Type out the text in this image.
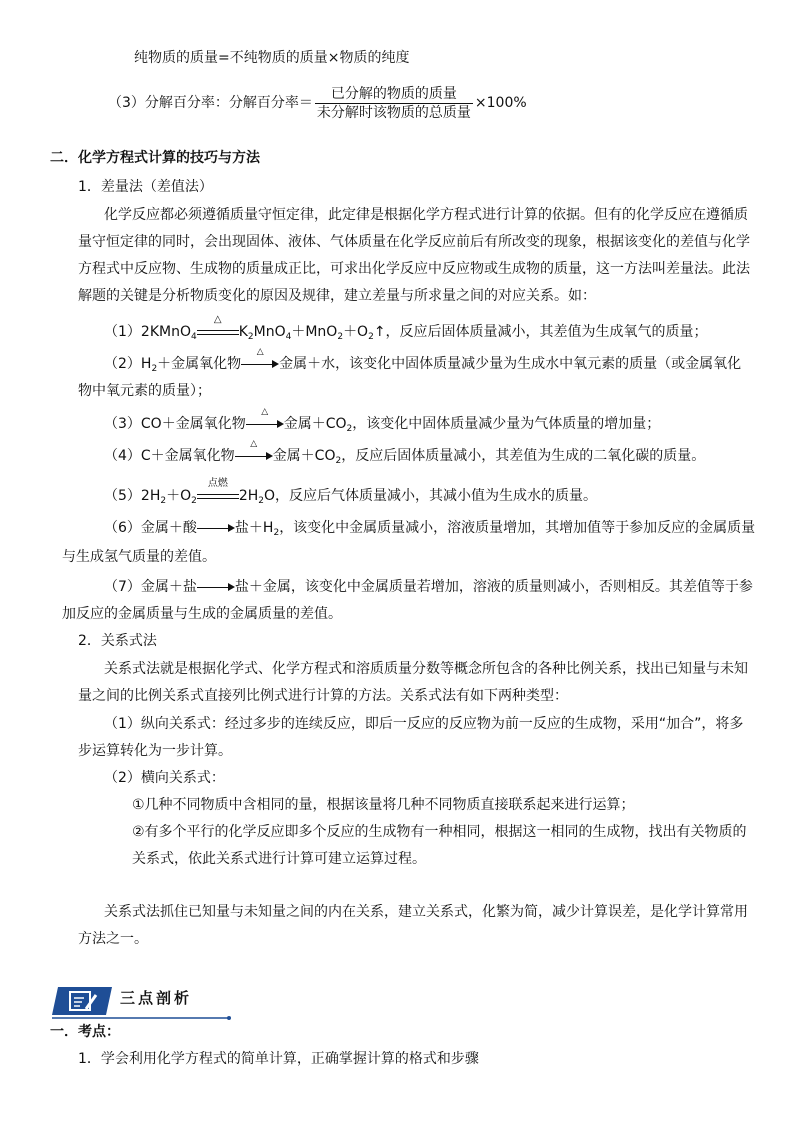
纯物质的质量=不纯物质的质量×物质的纯度
（3）分解百分率：分解百分率＝ $\frac{\text{已分解的物质的质量}}{\text{未分解时该物质的总质量}} \times 100\%$
二．化学方程式计算的技巧与方法
1．差量法（差值法）
化学反应都必须遵循质量守恒定律，此定律是根据化学方程式进行计算的依据。但有的化学反应在遵循质
量守恒定律的同时，会出现固体、液体、气体质量在化学反应前后有所改变的现象，根据该变化的差值与化学
方程式中反应物、生成物的质量成正比，可求出化学反应中反应物或生成物的质量，这一方法叫差量法。此法
解题的关键是分析物质变化的原因及规律，建立差量与所求量之间的对应关系。如：
（1）2KMnO$_4$
△
$K_2MnO_4+MnO_2+O_2↑$，反应后固体质量减小，其差值为生成氧气的质量；
$(2)H_2+$金属氧化物
△
金属＋水，该变化中固体质量减少量为生成水中氧元素的质量（或金属氧化
物中氧元素的质量）；
（3）CO＋金属氧化物
△
金属$+CO_2$，该变化中固体质量减少量为气体质量的增加量；
（4）C＋金属氧化物
△
金属$+CO_2$，反应后固体质量减小，其差值为生成的二氧化碳的质量。
$(5)2H_2+O_2$
点燃
$2H_2O$，反应后气体质量减小，其减小值为生成水的质量。
（6）金属＋酸	盐$+H_2$，该变化中金属质量减小，溶液质量增加，其增加值等于参加反应的金属质量
与生成氢气质量的差值。
（7）金属＋盐	盐＋金属，该变化中金属质量若增加，溶液的质量则减小，否则相反。其差值等于参
加反应的金属质量与生成的金属质量的差值。
2．关系式法
关系式法就是根据化学式、化学方程式和溶质质量分数等概念所包含的各种比例关系，找出已知量与未知
量之间的比例关系式直接列比例式进行计算的方法。关系式法有如下两种类型：
（1）纵向关系式：经过多步的连续反应，即后一反应的反应物为前一反应的生成物，采用“加合”，将多
步运算转化为一步计算。
（2）横向关系式：
①几种不同物质中含相同的量，根据该量将几种不同物质直接联系起来进行运算；
②有多个平行的化学反应即多个反应的生成物有一种相同，根据这一相同的生成物，找出有关物质的
关系式，依此关系式进行计算可建立运算过程。
关系式法抓住已知量与未知量之间的内在关系，建立关系式，化繁为简，减少计算误差，是化学计算常用
方法之一。
三点剖析
一．考点：
1．学会利用化学方程式的简单计算，正确掌握计算的格式和步骤
